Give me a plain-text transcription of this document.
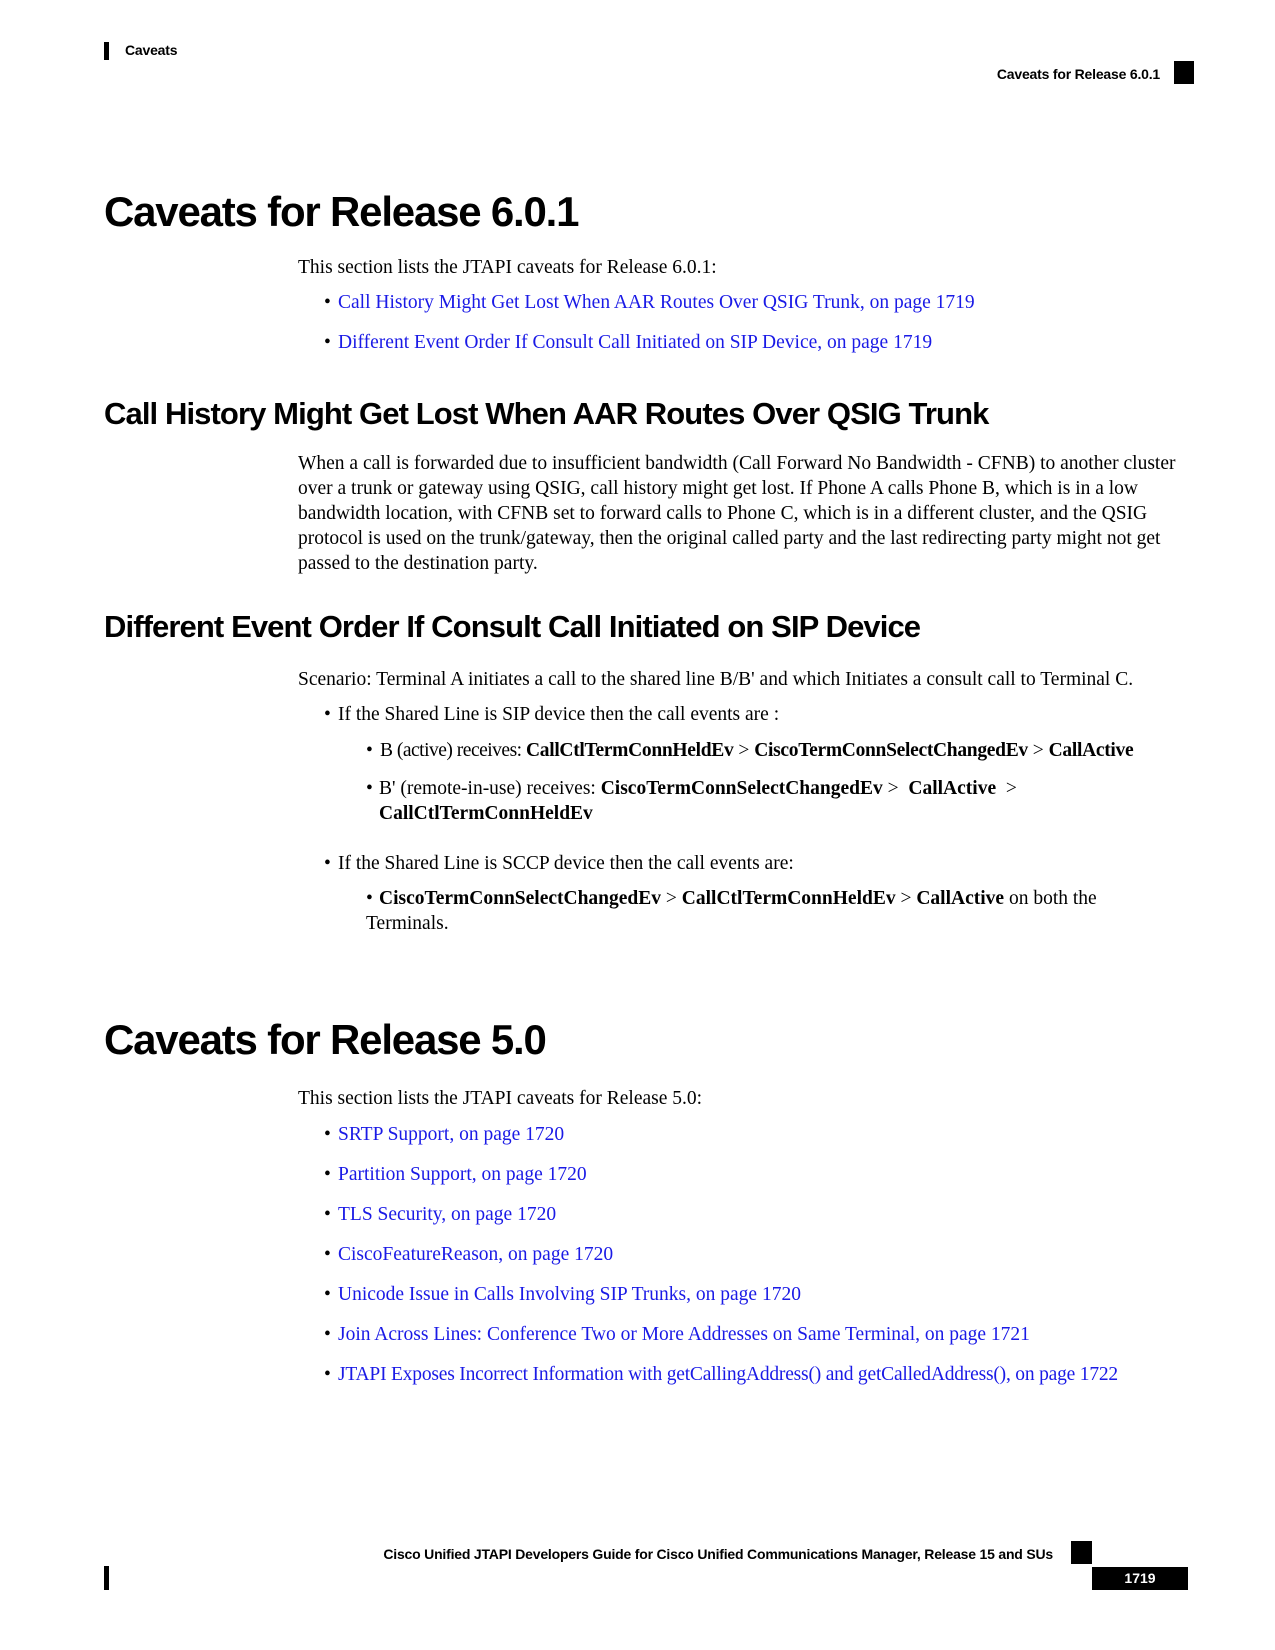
Caveats
Caveats for Release 6.0.1
Caveats for Release 6.0.1

This section lists the JTAPI caveats for Release 6.0.1:

• Call History Might Get Lost When AAR Routes Over QSIG Trunk, on page 1719
• Different Event Order If Consult Call Initiated on SIP Device, on page 1719
Call History Might Get Lost When AAR Routes Over QSIG Trunk

When a call is forwarded due to insufficient bandwidth (Call Forward No Bandwidth - CFNB) to another cluster over a trunk or gateway using QSIG, call history might get lost. If Phone A calls Phone B, which is in a low bandwidth location, with CFNB set to forward calls to Phone C, which is in a different cluster, and the QSIG protocol is used on the trunk/gateway, then the original called party and the last redirecting party might not get passed to the destination party.

Different Event Order If Consult Call Initiated on SIP Device

Scenario: Terminal A initiates a call to the shared line B/B' and which Initiates a consult call to Terminal C.

• If the Shared Line is SIP device then the call events are :
• B (active) receives: CallCtlTermConnHeldEv > CiscoTermConnSelectChangedEv > CallActive
• B' (remote-in-use) receives: CiscoTermConnSelectChangedEv >  CallActive  >
CallCtlTermConnHeldEv
• If the Shared Line is SCCP device then the call events are:
• CiscoTermConnSelectChangedEv > CallCtlTermConnHeldEv > CallActive on both the Terminals.
Caveats for Release 5.0

This section lists the JTAPI caveats for Release 5.0:

• SRTP Support, on page 1720
• Partition Support, on page 1720
• TLS Security, on page 1720
• CiscoFeatureReason, on page 1720
• Unicode Issue in Calls Involving SIP Trunks, on page 1720
• Join Across Lines: Conference Two or More Addresses on Same Terminal, on page 1721
• JTAPI Exposes Incorrect Information with getCallingAddress() and getCalledAddress(), on page 1722
Cisco Unified JTAPI Developers Guide for Cisco Unified Communications Manager, Release 15 and SUs
1719
